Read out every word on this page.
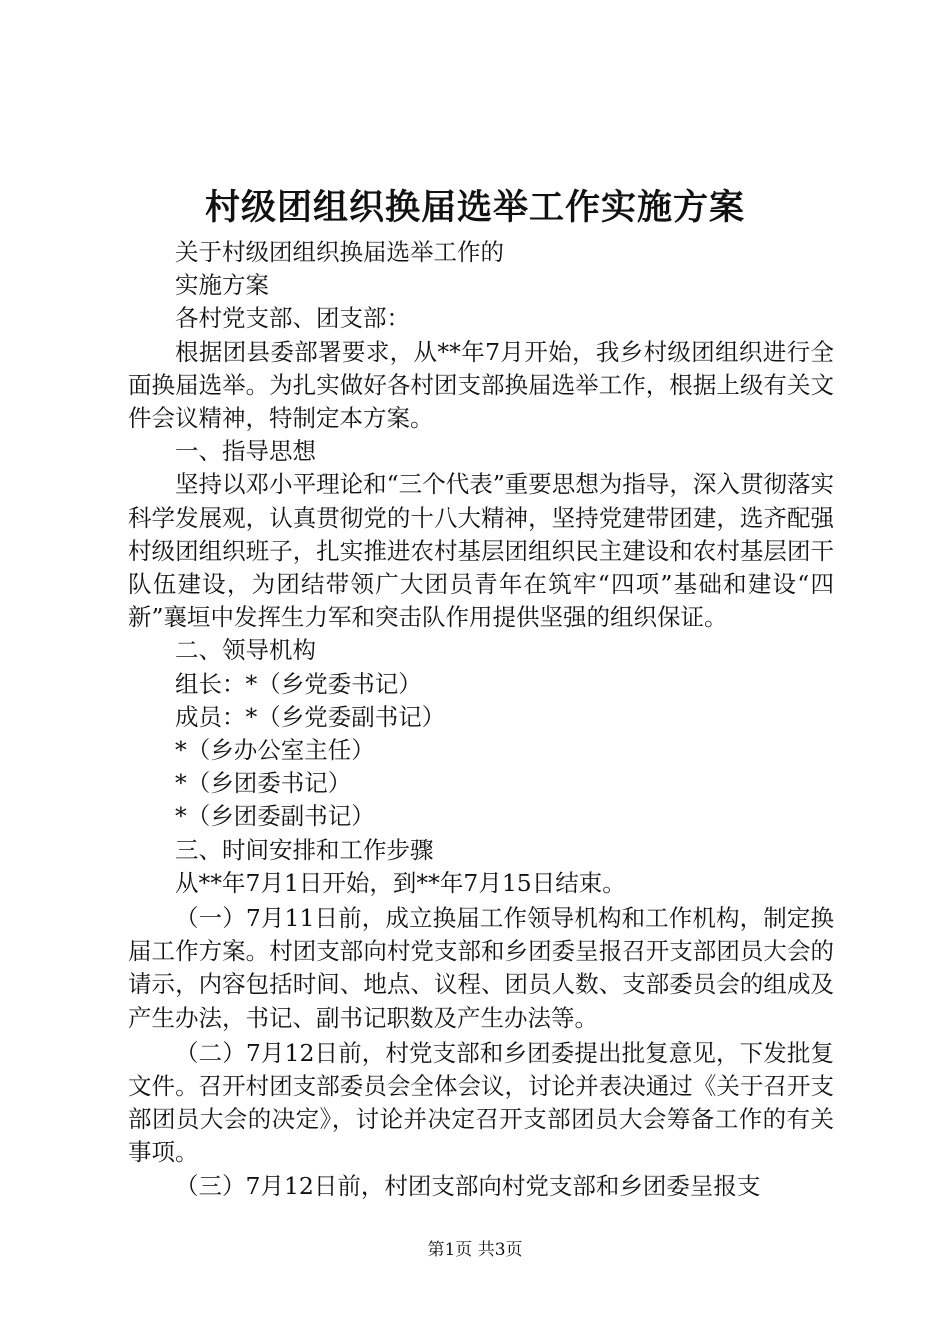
村级团组织换届选举工作实施方案

关于村级团组织换届选举工作的

实施方案

各村党支部、团支部：

根据团县委部署要求，从**年7月开始，我乡村级团组织进行全面换届选举。为扎实做好各村团支部换届选举工作，根据上级有关文件会议精神，特制定本方案。

一、指导思想

坚持以邓小平理论和“三个代表”重要思想为指导，深入贯彻落实科学发展观，认真贯彻党的十八大精神，坚持党建带团建，选齐配强村级团组织班子，扎实推进农村基层团组织民主建设和农村基层团干队伍建设，为团结带领广大团员青年在筑牢“四项”基础和建设“四新”襄垣中发挥生力军和突击队作用提供坚强的组织保证。

二、领导机构

组长：*（乡党委书记）

成员：*（乡党委副书记）

*（乡办公室主任）

*（乡团委书记）

*（乡团委副书记）

三、时间安排和工作步骤

从**年7月1日开始，到**年7月15日结束。

（一）7月11日前，成立换届工作领导机构和工作机构，制定换届工作方案。村团支部向村党支部和乡团委呈报召开支部团员大会的请示，内容包括时间、地点、议程、团员人数、支部委员会的组成及产生办法，书记、副书记职数及产生办法等。

（二）7月12日前，村党支部和乡团委提出批复意见，下发批复文件。召开村团支部委员会全体会议，讨论并表决通过《关于召开支部团员大会的决定》，讨论并决定召开支部团员大会筹备工作的有关事项。

（三）7月12日前，村团支部向村党支部和乡团委呈报支

第1页 共3页
